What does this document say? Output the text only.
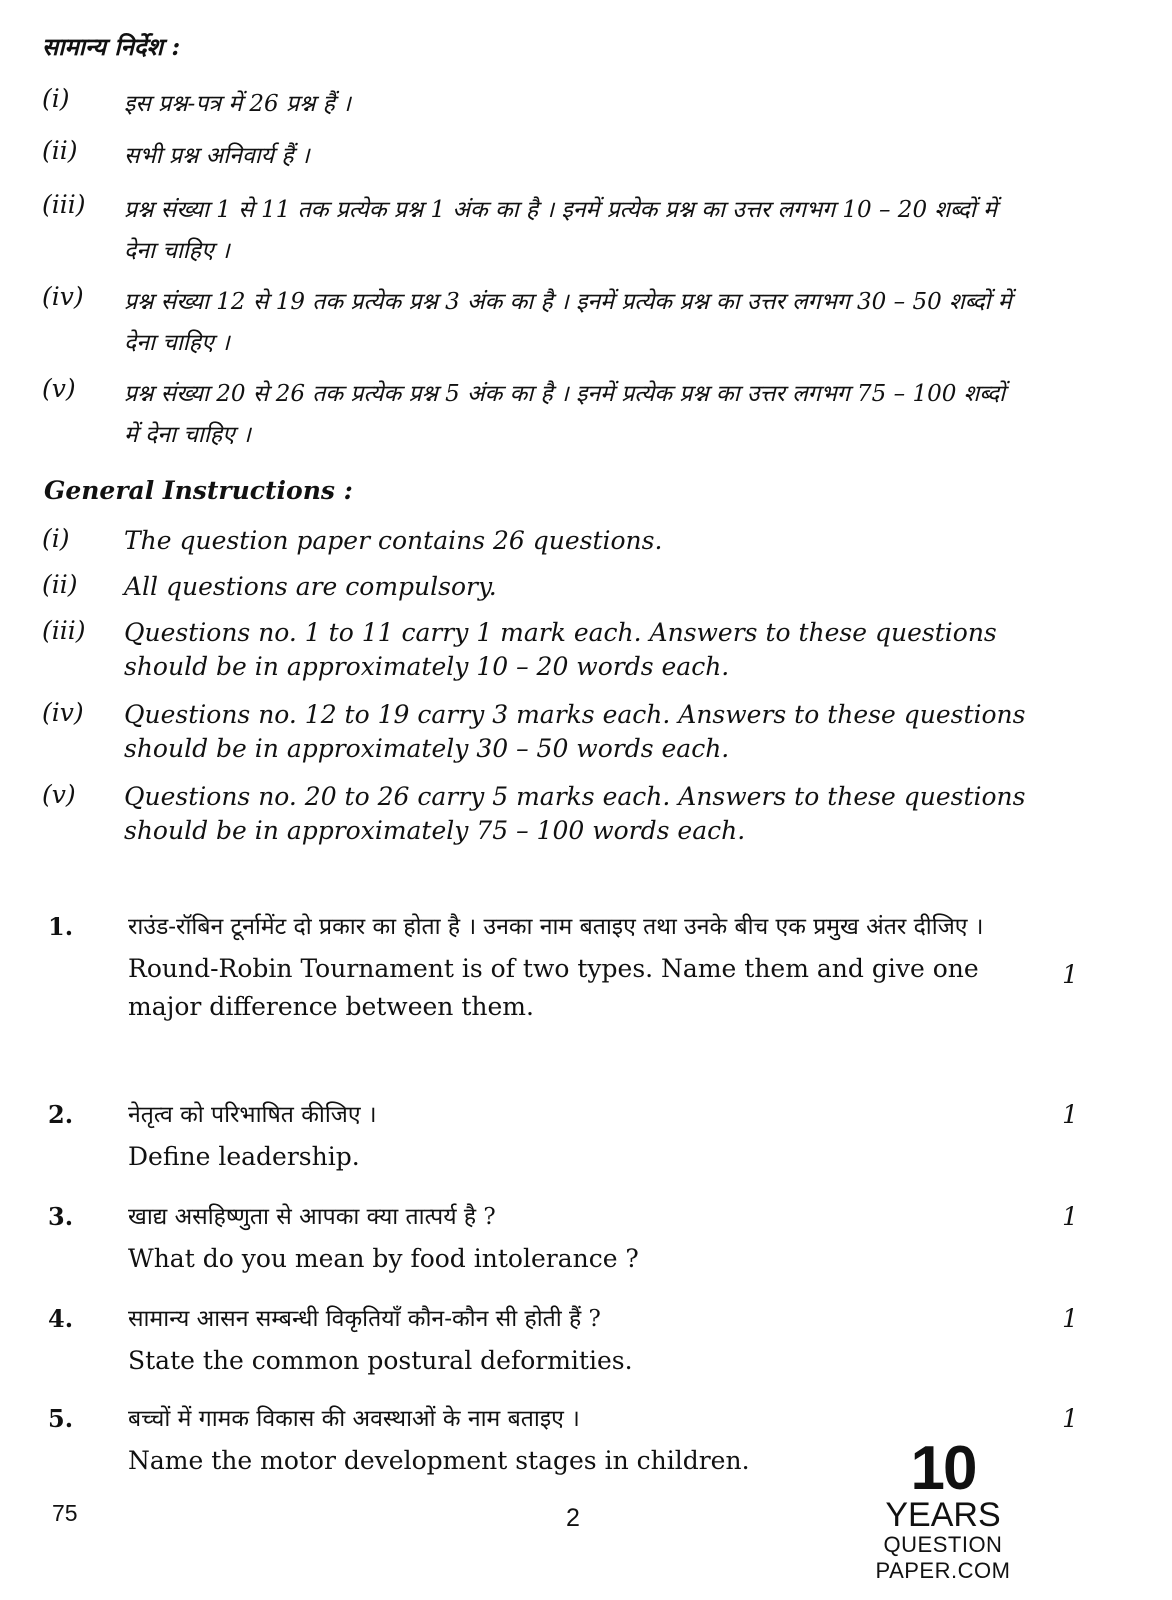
सामान्य निर्देश :
(i)	इस प्रश्न-पत्र में 26 प्रश्न हैं ।
(ii)	सभी प्रश्न अनिवार्य हैं ।
(iii)	प्रश्न संख्या 1 से 11 तक प्रत्येक प्रश्न 1 अंक का है । इनमें प्रत्येक प्रश्न का उत्तर लगभग 10 – 20 शब्दों में देना चाहिए ।
(iv)	प्रश्न संख्या 12 से 19 तक प्रत्येक प्रश्न 3 अंक का है । इनमें प्रत्येक प्रश्न का उत्तर लगभग 30 – 50 शब्दों में देना चाहिए ।
(v)	प्रश्न संख्या 20 से 26 तक प्रत्येक प्रश्न 5 अंक का है । इनमें प्रत्येक प्रश्न का उत्तर लगभग 75 – 100 शब्दों में देना चाहिए ।
General Instructions :
(i)	The question paper contains 26 questions.
(ii)	All questions are compulsory.
(iii)	Questions no. 1 to 11 carry 1 mark each. Answers to these questions should be in approximately 10 – 20 words each.
(iv)	Questions no. 12 to 19 carry 3 marks each. Answers to these questions should be in approximately 30 – 50 words each.
(v)	Questions no. 20 to 26 carry 5 marks each. Answers to these questions should be in approximately 75 – 100 words each.
1. राउंड-रॉबिन टूर्नामेंट दो प्रकार का होता है । उनका नाम बताइए तथा उनके बीच एक प्रमुख अंतर दीजिए ।
Round-Robin Tournament is of two types. Name them and give one major difference between them.
1
2. नेतृत्व को परिभाषित कीजिए ।
Define leadership.
1
3. खाद्य असहिष्णुता से आपका क्या तात्पर्य है ?
What do you mean by food intolerance ?
1
4. सामान्य आसन सम्बन्धी विकृतियाँ कौन-कौन सी होती हैं ?
State the common postural deformities.
1
5. बच्चों में गामक विकास की अवस्थाओं के नाम बताइए ।
Name the motor development stages in children.
1
75	2
10
YEARS
QUESTION PAPER.COM
